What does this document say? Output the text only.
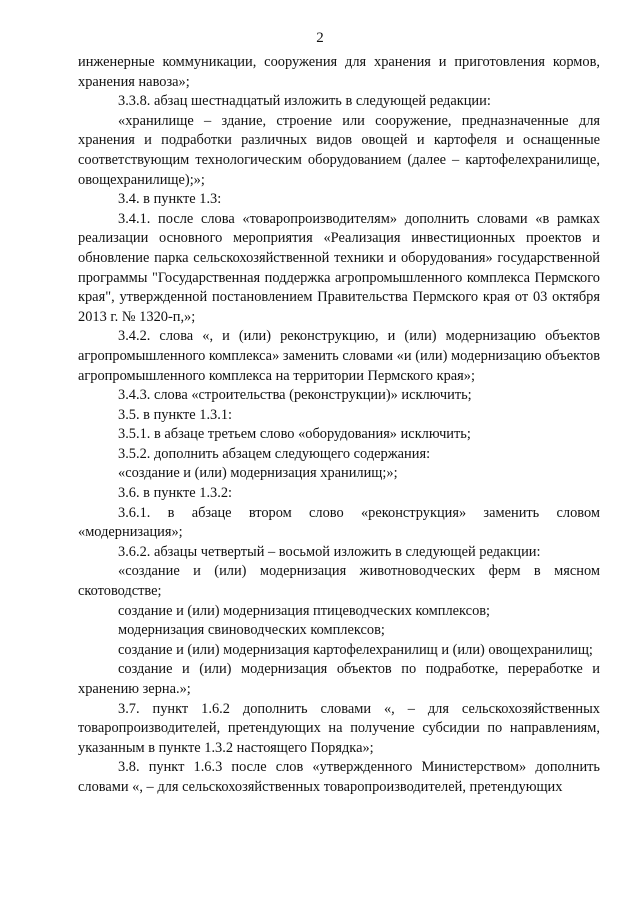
2

инженерные коммуникации, сооружения для хранения и приготовления кормов, хранения навоза»;

3.3.8. абзац шестнадцатый изложить в следующей редакции:

«хранилище – здание, строение или сооружение, предназначенные для хранения и подработки различных видов овощей и картофеля и оснащенные соответствующим технологическим оборудованием (далее – картофелехранилище, овощехранилище);»;

3.4. в пункте 1.3:

3.4.1. после слова «товаропроизводителям» дополнить словами «в рамках реализации основного мероприятия «Реализация инвестиционных проектов и обновление парка сельскохозяйственной техники и оборудования» государственной программы "Государственная поддержка агропромышленного комплекса Пермского края", утвержденной постановлением Правительства Пермского края от 03 октября 2013 г. № 1320-п,»;

3.4.2. слова «, и (или) реконструкцию, и (или) модернизацию объектов агропромышленного комплекса» заменить словами «и (или) модернизацию объектов агропромышленного комплекса на территории Пермского края»;

3.4.3. слова «строительства (реконструкции)» исключить;

3.5. в пункте 1.3.1:

3.5.1. в абзаце третьем слово «оборудования» исключить;

3.5.2. дополнить абзацем следующего содержания:

«создание и (или) модернизация хранилищ;»;

3.6. в пункте 1.3.2:

3.6.1. в абзаце втором слово «реконструкция» заменить словом «модернизация»;

3.6.2. абзацы четвертый – восьмой изложить в следующей редакции:

«создание и (или) модернизация животноводческих ферм в мясном скотоводстве;

создание и (или) модернизация птицеводческих комплексов;

модернизация свиноводческих комплексов;

создание и (или) модернизация картофелехранилищ и (или) овощехранилищ;

создание и (или) модернизация объектов по подработке, переработке и хранению зерна.»;

3.7. пункт 1.6.2 дополнить словами «, – для сельскохозяйственных товаропроизводителей, претендующих на получение субсидии по направлениям, указанным в пункте 1.3.2 настоящего Порядка»;

3.8. пункт 1.6.3 после слов «утвержденного Министерством» дополнить словами «, – для сельскохозяйственных товаропроизводителей, претендующих
